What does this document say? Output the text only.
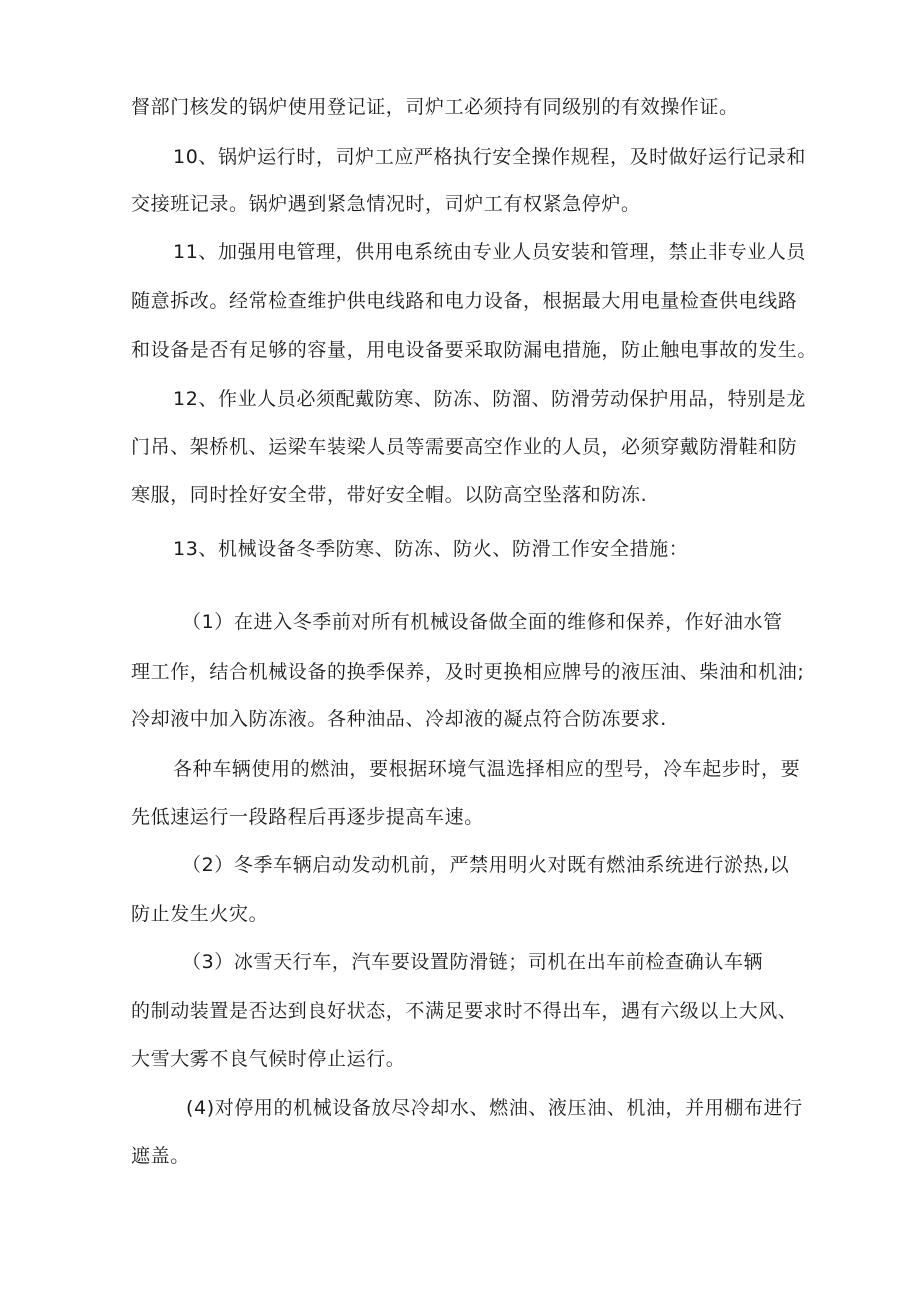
督部门核发的锅炉使用登记证，司炉工必须持有同级别的有效操作证。
10、锅炉运行时，司炉工应严格执行安全操作规程，及时做好运行记录和
交接班记录。锅炉遇到紧急情况时，司炉工有权紧急停炉。
11、加强用电管理，供用电系统由专业人员安装和管理，禁止非专业人员
随意拆改。经常检查维护供电线路和电力设备，根据最大用电量检查供电线路
和设备是否有足够的容量，用电设备要采取防漏电措施，防止触电事故的发生。
12、作业人员必须配戴防寒、防冻、防溜、防滑劳动保护用品，特别是龙
门吊、架桥机、运梁车装梁人员等需要高空作业的人员，必须穿戴防滑鞋和防
寒服，同时拴好安全带，带好安全帽。以防高空坠落和防冻.
13、机械设备冬季防寒、防冻、防火、防滑工作安全措施：
（1）在进入冬季前对所有机械设备做全面的维修和保养，作好油水管
理工作，结合机械设备的换季保养，及时更换相应牌号的液压油、柴油和机油;
冷却液中加入防冻液。各种油品、冷却液的凝点符合防冻要求.
各种车辆使用的燃油，要根据环境气温选择相应的型号，冷车起步时，要
先低速运行一段路程后再逐步提高车速。
（2）冬季车辆启动发动机前，严禁用明火对既有燃油系统进行淤热,以
防止发生火灾。
（3）冰雪天行车，汽车要设置防滑链；司机在出车前检查确认车辆
的制动装置是否达到良好状态，不满足要求时不得出车，遇有六级以上大风、
大雪大雾不良气候时停止运行。
(4)对停用的机械设备放尽冷却水、燃油、液压油、机油，并用棚布进行
遮盖。
